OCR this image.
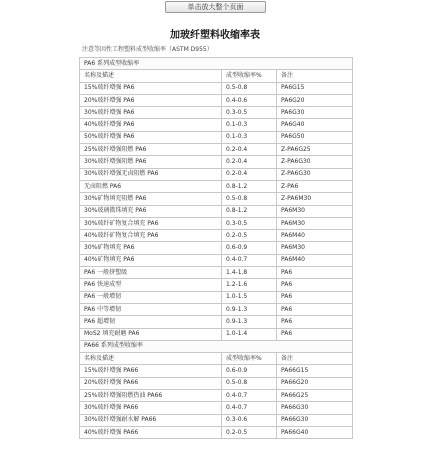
单击放大整个页面
加玻纤塑料收缩率表
注意等因性工程塑料成型收缩率（ASTM D955）
PA6 系列成型收缩率		
名称及描述	成型收缩率%	备注
15%玻纤增强 PA6	0.5-0.8	PA6G15
20%玻纤增强 PA6	0.4-0.6	PA6G20
30%玻纤增强 PA6	0.3-0.5	PA6G30
40%玻纤增强 PA6	0.1-0.3	PA6G40
50%玻纤增强 PA6	0.1-0.3	PA6G50
25%玻纤增强阻燃 PA6	0.2-0.4	Z-PA6G25
30%玻纤增强阻燃 PA6	0.2-0.4	Z-PA6G30
30%玻纤增强无卤阻燃 PA6	0.2-0.4	Z-PA6G30
无卤阻燃 PA6	0.8-1.2	Z-PA6
30%矿物填充阻燃 PA6	0.5-0.8	Z-PA6M30
30%玻璃微珠填充 PA6	0.8-1.2	PA6M30
30%玻纤矿物复合填充 PA6	0.3-0.5	PA6M30
40%玻纤矿物复合填充 PA6	0.2-0.5	PA6M40
30%矿物填充 PA6	0.6-0.9	PA6M30
40%矿物填充 PA6	0.4-0.7	PA6M40
PA6 一般挤塑级	1.4-1.8	PA6
PA6 快速成型	1.2-1.6	PA6
PA6 一般增韧	1.0-1.5	PA6
PA6 中等增韧	0.9-1.3	PA6
PA6 超增韧	0.9-1.3	PA6
MoS2 填充耐磨 PA6	1.0-1.4	PA6
PA66 系列成型收缩率		
名称及描述	成型收缩率%	备注
15%玻纤增强 PA66	0.6-0.9	PA66G15
20%玻纤增强 PA66	0.5-0.8	PA66G20
25%玻纤增强阻燃热油 PA66	0.4-0.7	PA66G25
30%玻纤增强 PA66	0.4-0.7	PA66G30
30%玻纤增强耐水解 PA66	0.3-0.6	PA66G30
40%玻纤增强 PA66	0.2-0.5	PA66G40
